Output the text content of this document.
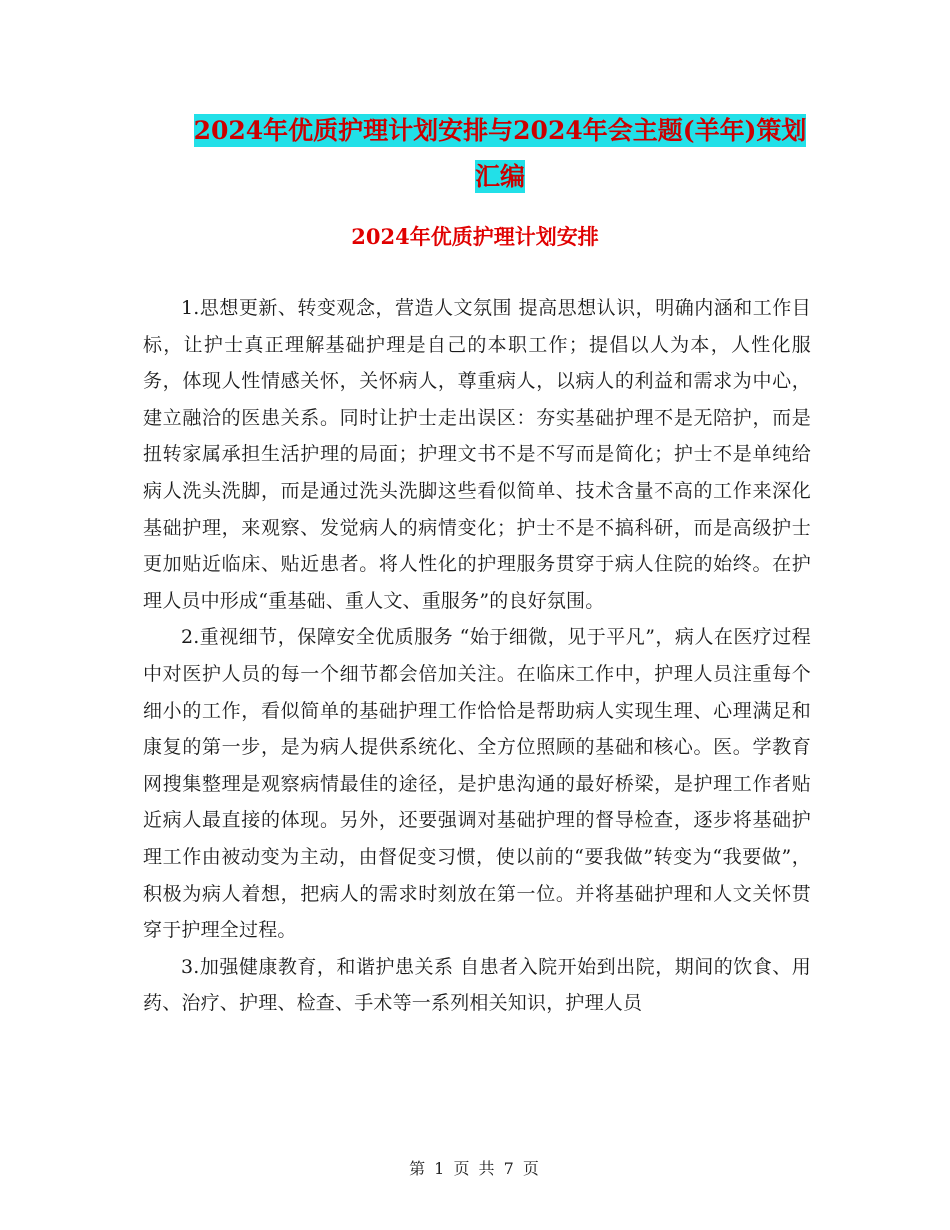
2024年优质护理计划安排与2024年会主题(羊年)策划
汇编
2024年优质护理计划安排

1.思想更新、转变观念，营造人文氛围 提高思想认识，明确内涵和工作目标，让护士真正理解基础护理是自己的本职工作；提倡以人为本，人性化服务，体现人性情感关怀，关怀病人，尊重病人，以病人的利益和需求为中心，建立融洽的医患关系。同时让护士走出误区：夯实基础护理不是无陪护，而是扭转家属承担生活护理的局面；护理文书不是不写而是简化；护士不是单纯给病人洗头洗脚，而是通过洗头洗脚这些看似简单、技术含量不高的工作来深化基础护理，来观察、发觉病人的病情变化；护士不是不搞科研，而是高级护士更加贴近临床、贴近患者。将人性化的护理服务贯穿于病人住院的始终。在护理人员中形成“重基础、重人文、重服务”的良好氛围。

2.重视细节，保障安全优质服务 “始于细微，见于平凡”，病人在医疗过程中对医护人员的每一个细节都会倍加关注。在临床工作中，护理人员注重每个细小的工作，看似简单的基础护理工作恰恰是帮助病人实现生理、心理满足和康复的第一步，是为病人提供系统化、全方位照顾的基础和核心。医。学教育网搜集整理是观察病情最佳的途径，是护患沟通的最好桥梁，是护理工作者贴近病人最直接的体现。另外，还要强调对基础护理的督导检查，逐步将基础护理工作由被动变为主动，由督促变习惯，使以前的“要我做”转变为“我要做”，积极为病人着想，把病人的需求时刻放在第一位。并将基础护理和人文关怀贯穿于护理全过程。

3.加强健康教育，和谐护患关系 自患者入院开始到出院，期间的饮食、用药、治疗、护理、检查、手术等一系列相关知识，护理人员

第 1 页 共 7 页
